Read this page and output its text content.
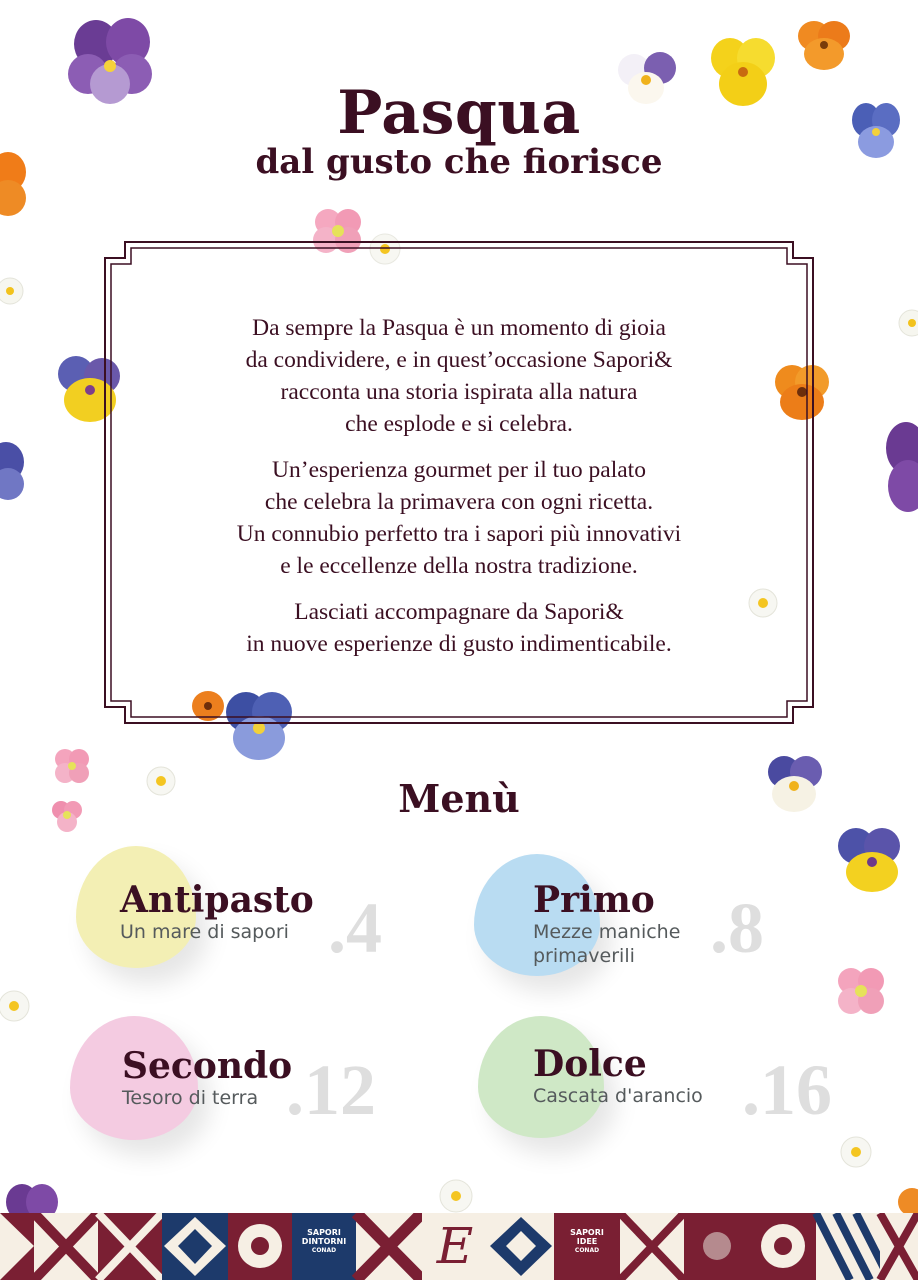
Pasqua
dal gusto che fiorisce

Da sempre la Pasqua è un momento di gioia
da condividere, e in quest’occasione Sapori&
racconta una storia ispirata alla natura
che esplode e si celebra.

Un’esperienza gourmet per il tuo palato
che celebra la primavera con ogni ricetta.
Un connubio perfetto tra i sapori più innovativi
e le eccellenze della nostra tradizione.

Lasciati accompagnare da Sapori&
in nuove esperienze di gusto indimenticabile.

Menù
Antipasto
Un mare di sapori .4	Primo
Mezze maniche
primaverili	.8
Secondo
Tesoro di terra .12	Dolce
Cascata d'arancio .16
SAPORI
DINTORNI
CONAD
SAPORI
IDEE
CONAD
E
